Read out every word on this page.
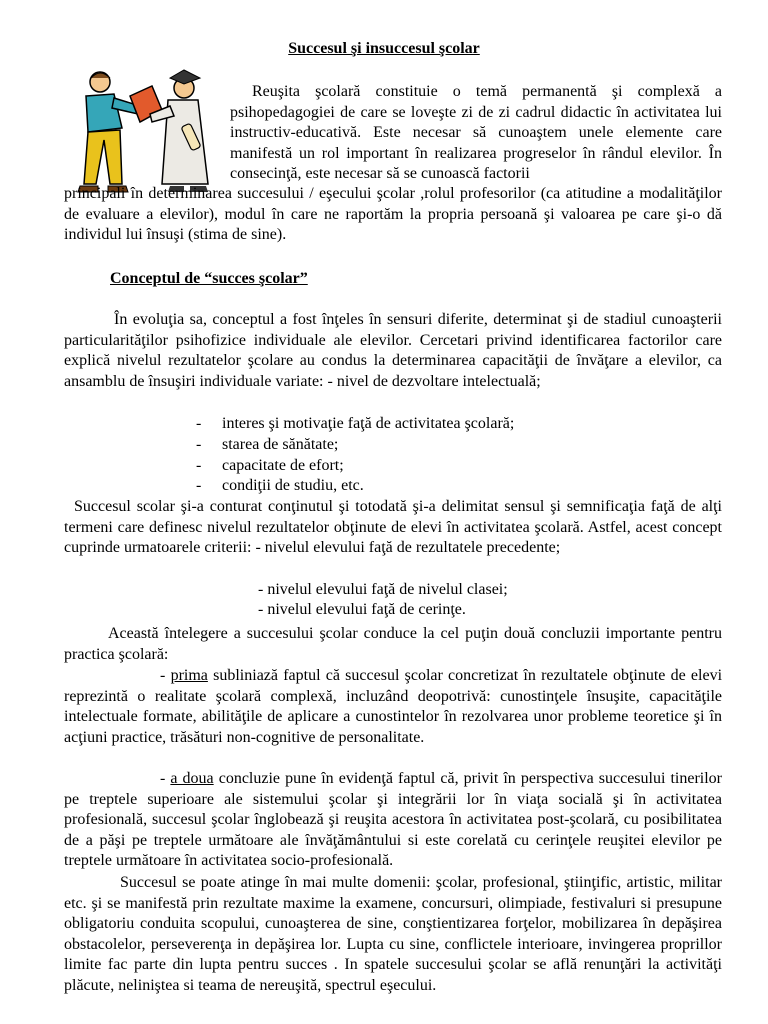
Succesul şi insuccesul şcolar

Reuşita şcolară constituie o temă permanentă şi complexă a psihopedagogiei de care se loveşte zi de zi cadrul didactic în activitatea lui instructiv-educativă. Este necesar să cunoaştem unele elemente care manifestă un rol important în realizarea progreselor în rândul elevilor. În consecinţă, este necesar să se cunoască factorii

principali în determinarea succesului / eşecului şcolar ,rolul profesorilor (ca atitudine a modalităţilor de evaluare a elevilor), modul în care ne raportăm la propria persoană şi valoarea pe care şi-o dă individul lui însuşi (stima de sine).

Conceptul de “succes şcolar”

În evoluţia sa, conceptul a fost înţeles în sensuri diferite, determinat şi de stadiul cunoaşterii particularităţilor psihofizice individuale ale elevilor. Cercetari privind identificarea factorilor care explică nivelul rezultatelor şcolare au condus la determinarea capacităţii de învăţare a elevilor, ca ansamblu de însuşiri individuale variate: - nivel de dezvoltare intelectuală;

- interes şi motivaţie faţă de activitatea şcolară;
- starea de sănătate;
- capacitate de efort;
- condiţii de studiu, etc.

Succesul scolar şi-a conturat conţinutul şi totodată şi-a delimitat sensul şi semnificaţia faţă de alţi termeni care definesc nivelul rezultatelor obţinute de elevi în activitatea şcolară. Astfel, acest concept cuprinde urmatoarele criterii: - nivelul elevului faţă de rezultatele precedente;

- nivelul elevului faţă de nivelul clasei;
- nivelul elevului faţă de cerinţe.

Această întelegere a succesului şcolar conduce la cel puţin două concluzii importante pentru practica şcolară:

- prima subliniază faptul că succesul şcolar concretizat în rezultatele obţinute de elevi reprezintă o realitate şcolară complexă, incluzând deopotrivă: cunostinţele însuşite, capacităţile intelectuale formate, abilităţile de aplicare a cunostintelor în rezolvarea unor probleme teoretice şi în acţiuni practice, trăsături non-cognitive de personalitate.

- a doua concluzie pune în evidenţă faptul că, privit în perspectiva succesului tinerilor pe treptele superioare ale sistemului şcolar şi integrării lor în viaţa socială şi în activitatea profesională, succesul şcolar înglobează şi reuşita acestora în activitatea post-şcolară, cu posibilitatea de a păşi pe treptele următoare ale învăţământului si este corelată cu cerinţele reuşitei elevilor pe treptele următoare în activitatea socio-profesională.

Succesul se poate atinge în mai multe domenii: şcolar, profesional, ştiinţific, artistic, militar etc. şi se manifestă prin rezultate maxime la examene, concursuri, olimpiade, festivaluri si presupune obligatoriu conduita scopului, cunoaşterea de sine, conştientizarea forţelor, mobilizarea în depăşirea obstacolelor, perseverenţa in depăşirea lor. Lupta cu sine, conflictele interioare, invingerea proprillor limite fac parte din lupta pentru succes . In spatele succesului şcolar se află renunţări la activităţi plăcute, nelinişteа si teama de nereuşită, spectrul eşecului.
